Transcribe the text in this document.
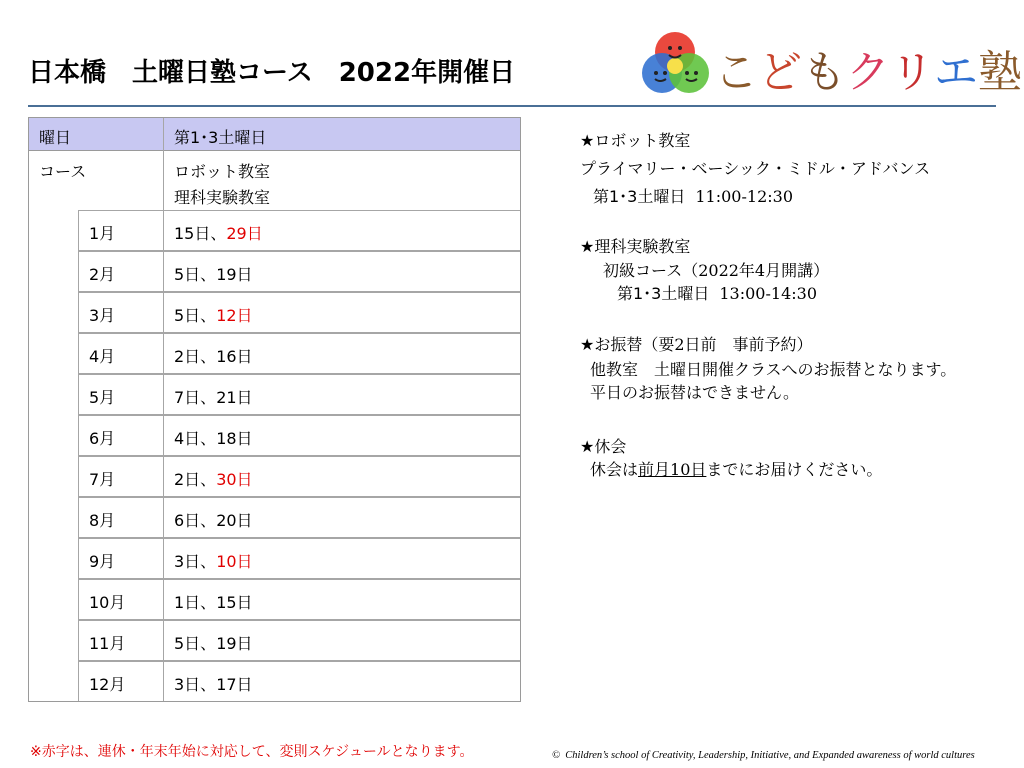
日本橋　土曜日塾コース　2022年開催日	こどもクリエ塾
曜日	第1･3土曜日
コース	ロボット教室
理科実験教室
1月	15日、29日
2月	5日、19日
3月	5日、12日
4月	2日、16日
5月	7日、21日
6月	4日、18日
7月	2日、30日
8月	6日、20日
9月	3日、10日
10月	1日、15日
11月	5日、19日
12月	3日、17日
★ロボット教室
プライマリー・ベーシック・ミドル・アドバンス
第1･3土曜日 11:00-12:30
★理科実験教室
初級コース（2022年4月開講）
第1･3土曜日 13:00-14:30
★お振替（要2日前　事前予約）
他教室　土曜日開催クラスへのお振替となります。
平日のお振替はできません。
★休会
休会は前月10日までにお届けください。
※赤字は、連休・年末年始に対応して、変則スケジュールとなります。	©  Children’s school of Creativity, Leadership, Initiative, and Expanded awareness of world cultures
